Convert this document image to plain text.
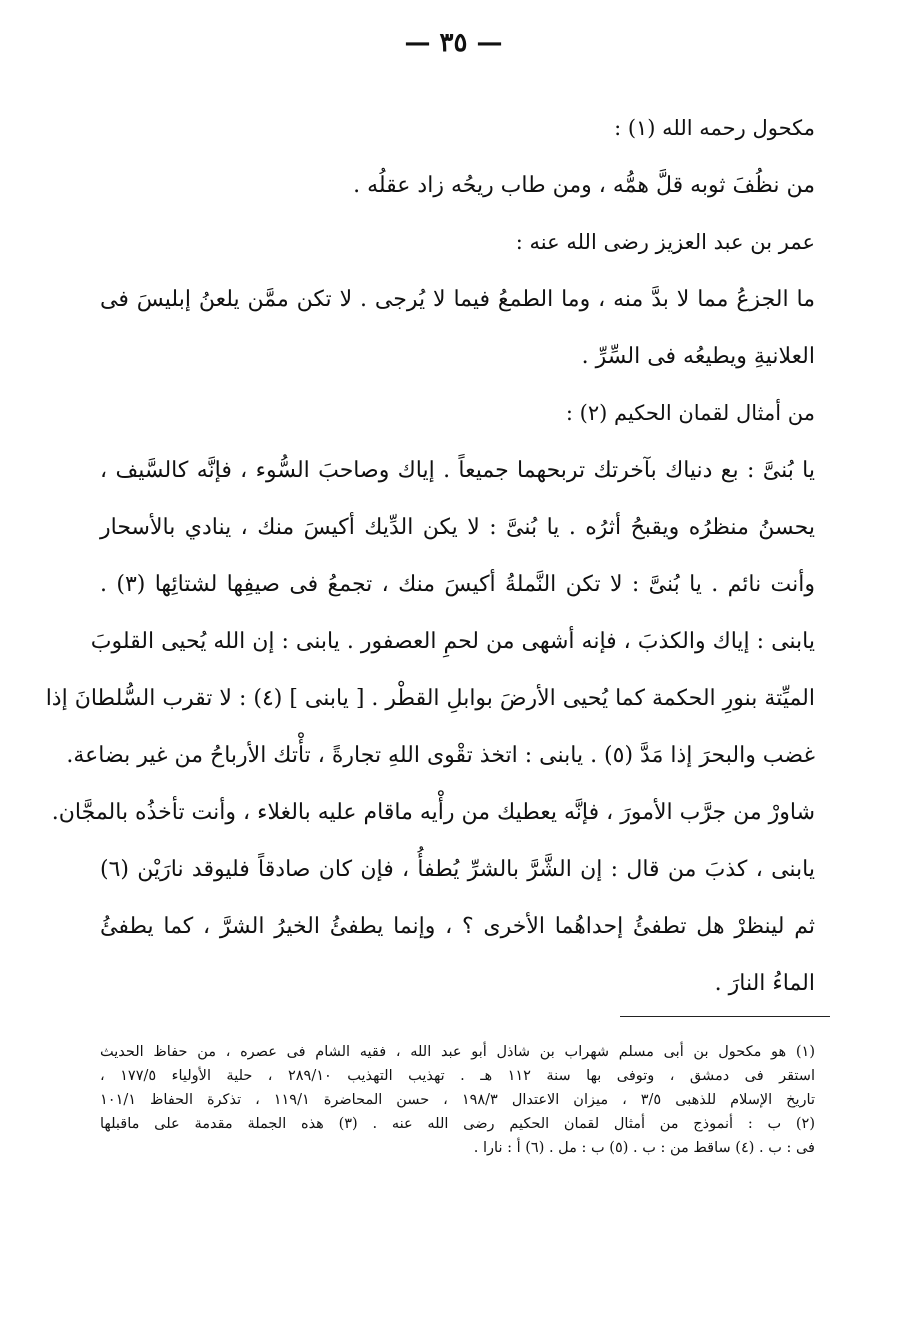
— ٣٥ —
مكحول رحمه الله (١) :
من نظُفَ ثوبه قلَّ همُّه ، ومن طاب ريحُه زاد عقلُه .
عمر بن عبد العزيز رضى الله عنه :
ما الجزعُ مما لا بدَّ منه ، وما الطمعُ فيما لا يُرجى . لا تكن ممَّن يلعنُ إبليسَ فى
العلانيةِ ويطيعُه فى السِّرِّ .
من أمثال لقمان الحكيم (٢) :
يا بُنىَّ : بع دنياك بآخرتك تربحهما جميعاً . إياك وصاحبَ السُّوء ، فإنَّه كالسَّيف ،
يحسنُ منظرُه ويقبحُ أثرُه . يا بُنىَّ : لا يكن الدِّيك أكيسَ منك ، ينادي بالأسحار
وأنت نائم . يا بُنىَّ : لا تكن النَّملةُ أكيسَ منك ، تجمعُ فى صيفِها لشتائِها (٣) .
يابنى : إياك والكذبَ ، فإنه أشهى من لحمِ العصفور . يابنى : إن الله يُحيى القلوبَ
الميِّتة بنورِ الحكمة كما يُحيى الأرضَ بوابلِ القطْر . [ يابنى ] (٤) : لا تقرب السُّلطانَ إذا
غضب والبحرَ إذا مَدَّ (٥) . يابنى : اتخذ تقْوى اللهِ تجارةً ، تأْتك الأرباحُ من غير بضاعة.
شاورْ من جرَّب الأمورَ ، فإنَّه يعطيك من رأْيه ماقام عليه بالغلاء ، وأنت تأخذُه بالمجَّان.
يابنى ، كذبَ من قال : إن الشَّرَّ بالشرِّ يُطفأُ ، فإن كان صادقاً فليوقد نارَيْن (٦)
ثم لينظرْ هل تطفئُ إحداهُما الأخرى ؟ ، وإنما يطفئُ الخيرُ الشرَّ ، كما يطفئُ
الماءُ النارَ .
(١) هو مكحول بن أبى مسلم شهراب بن شاذل أبو عبد الله ، فقيه الشام فى عصره ، من حفاظ الحديث
استقر فى دمشق ، وتوفى بها سنة ١١٢ هـ . تهذيب التهذيب ٢٨٩/١٠ ، حلية الأولياء ١٧٧/٥ ،
تاريخ الإسلام للذهبى ٣/٥ ، ميزان الاعتدال ١٩٨/٣ ، حسن المحاضرة ١١٩/١ ، تذكرة الحفاظ ١٠١/١
(٢) ب : أنموذج من أمثال لقمان الحكيم رضى الله عنه . (٣) هذه الجملة مقدمة على ماقبلها
فى : ب . (٤) ساقط من : ب . (٥) ب : مل . (٦) أ : نارا .
